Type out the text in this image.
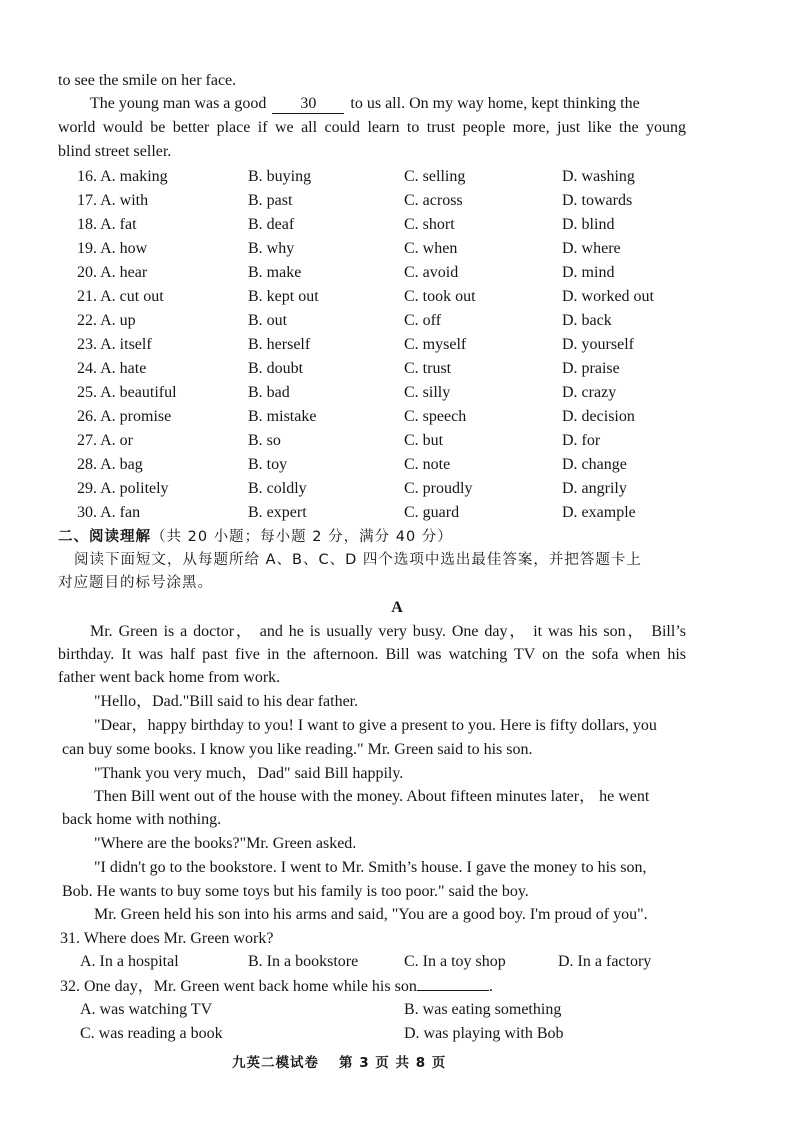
to see the smile on her face.
The young man was a good 30 to us all. On my way home, kept thinking the
world would be better place if we all could learn to trust people more, just like the young
blind street seller.
16. A. making	B. buying	C. selling	D. washing
17. A. with	B. past	C. across	D. towards
18. A. fat	B. deaf	C. short	D. blind
19. A. how	B. why	C. when	D. where
20. A. hear	B. make	C. avoid	D. mind
21. A. cut out	B. kept out	C. took out	D. worked out
22. A. up	B. out	C. off	D. back
23. A. itself	B. herself	C. myself	D. yourself
24. A. hate	B. doubt	C. trust	D. praise
25. A. beautiful	B. bad	C. silly	D. crazy
26. A. promise	B. mistake	C. speech	D. decision
27. A. or	B. so	C. but	D. for
28. A. bag	B. toy	C. note	D. change
29. A. politely	B. coldly	C. proudly	D. angrily
30. A. fan	B. expert	C. guard	D. example
二、阅读理解（共 20 小题；每小题 2 分，满分 40 分）
阅读下面短文，从每题所给 A、B、C、D 四个选项中选出最佳答案，并把答题卡上
对应题目的标号涂黑。
A
Mr. Green is a doctor， and he is usually very busy. One day， it was his son， Bill’s
birthday. It was half past five in the afternoon. Bill was watching TV on the sofa when his
father went back home from work.
"Hello，Dad."Bill said to his dear father.
"Dear，happy birthday to you! I want to give a present to you. Here is fifty dollars, you
can buy some books. I know you like reading." Mr. Green said to his son.
"Thank you very much，Dad" said Bill happily.
Then Bill went out of the house with the money. About fifteen minutes later， he went
back home with nothing.
"Where are the books?"Mr. Green asked.
"I didn't go to the bookstore. I went to Mr. Smith’s house. I gave the money to his son,
Bob. He wants to buy some toys but his family is too poor." said the boy.
Mr. Green held his son into his arms and said, "You are a good boy. I'm proud of you".
31. Where does Mr. Green work?
A. In a hospital	B. In a bookstore	C. In a toy shop	D. In a factory
32. One day，Mr. Green went back home while his son	.
A. was watching TV	B. was eating something
C. was reading a book	D. was playing with Bob
九英二模试卷 第 3 页 共 8 页
